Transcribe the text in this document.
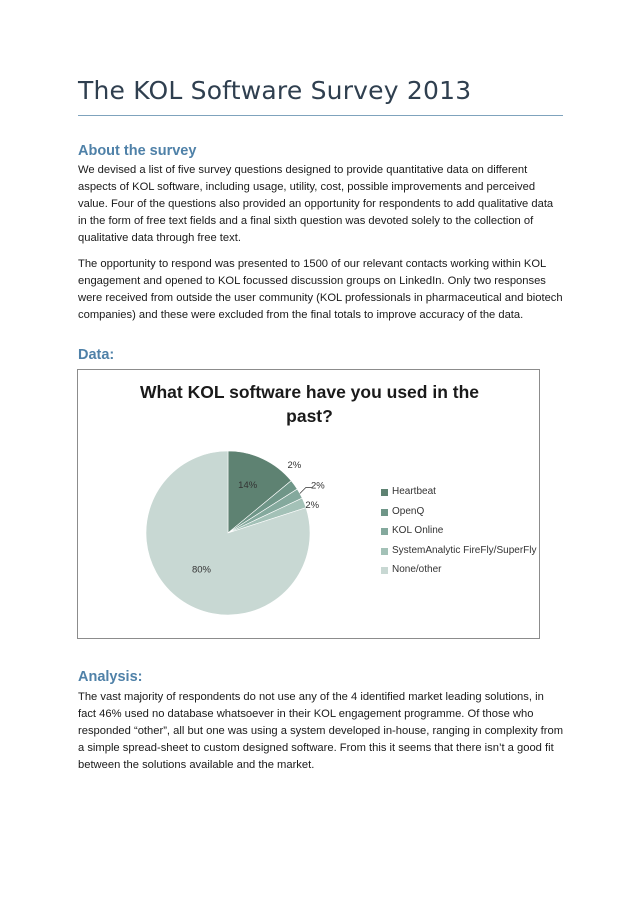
The KOL Software Survey 2013
About the survey

We devised a list of five survey questions designed to provide quantitative data on different aspects of KOL software, including usage, utility, cost, possible improvements and perceived value. Four of the questions also provided an opportunity for respondents to add qualitative data in the form of free text fields and a final sixth question was devoted solely to the collection of qualitative data through free text.

The opportunity to respond was presented to 1500 of our relevant contacts working within KOL engagement and opened to KOL focussed discussion groups on LinkedIn. Only two responses were received from outside the user community (KOL professionals in pharmaceutical and biotech companies) and these were excluded from the final totals to improve accuracy of the data.

Data:
What KOL software have you used in the
past?
14%
2%
2%
2%
80%
Heartbeat
OpenQ
KOL Online
SystemAnalytic FireFly/SuperFly
None/other
Analysis:

The vast majority of respondents do not use any of the 4 identified market leading solutions, in fact 46% used no database whatsoever in their KOL engagement programme. Of those who responded “other”, all but one was using a system developed in-house, ranging in complexity from a simple spread-sheet to custom designed software. From this it seems that there isn’t a good fit between the solutions available and the market.
